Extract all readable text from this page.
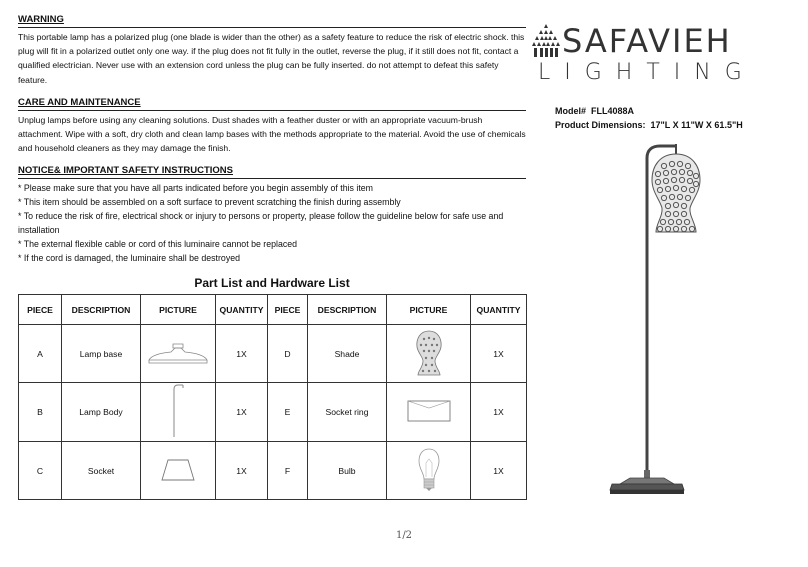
WARNING

This portable lamp has a polarized plug (one blade is wider than the other) as a safety feature to reduce the risk of electric shock. this plug will fit in a polarized outlet only one way. if the plug does not fit fully in the outlet, reverse the plug, if it still does not fit, contact a qualified electrician. Never use with an extension cord unless the plug can be fully inserted. do not attempt to defeat this safety feature.

CARE AND MAINTENANCE

Unplug lamps before using any cleaning solutions. Dust shades with a feather duster or with an appropriate vacuum-brush attachment. Wipe with a soft, dry cloth and clean lamp bases with the methods appropriate to the material. Avoid the use of chemicals and household cleaners as they may damage the finish.

NOTICE& IMPORTANT SAFETY INSTRUCTIONS
* Please make sure that you have all parts indicated before you begin assembly of this item
* This item should be assembled on a soft surface to prevent scratching the finish during assembly
* To reduce the risk of fire, electrical shock or injury to persons or property, please follow the guideline below for safe use and installation
* The external flexible cable or cord of this luminaire cannot be replaced
* If the cord is damaged, the luminaire shall be destroyed
Part List and Hardware List
PIECE	DESCRIPTION	PICTURE	QUANTITY	PIECE	DESCRIPTION	PICTURE	QUANTITY
A	Lamp base		1X	D	Shade		1X
B	Lamp Body		1X	E	Socket ring		1X
C	Socket		1X	F	Bulb		1X
SAFAVIEH
LIGHTING
Model# FLL4088A
Product Dimensions: 17"L X 11"W X 61.5"H
1/2
